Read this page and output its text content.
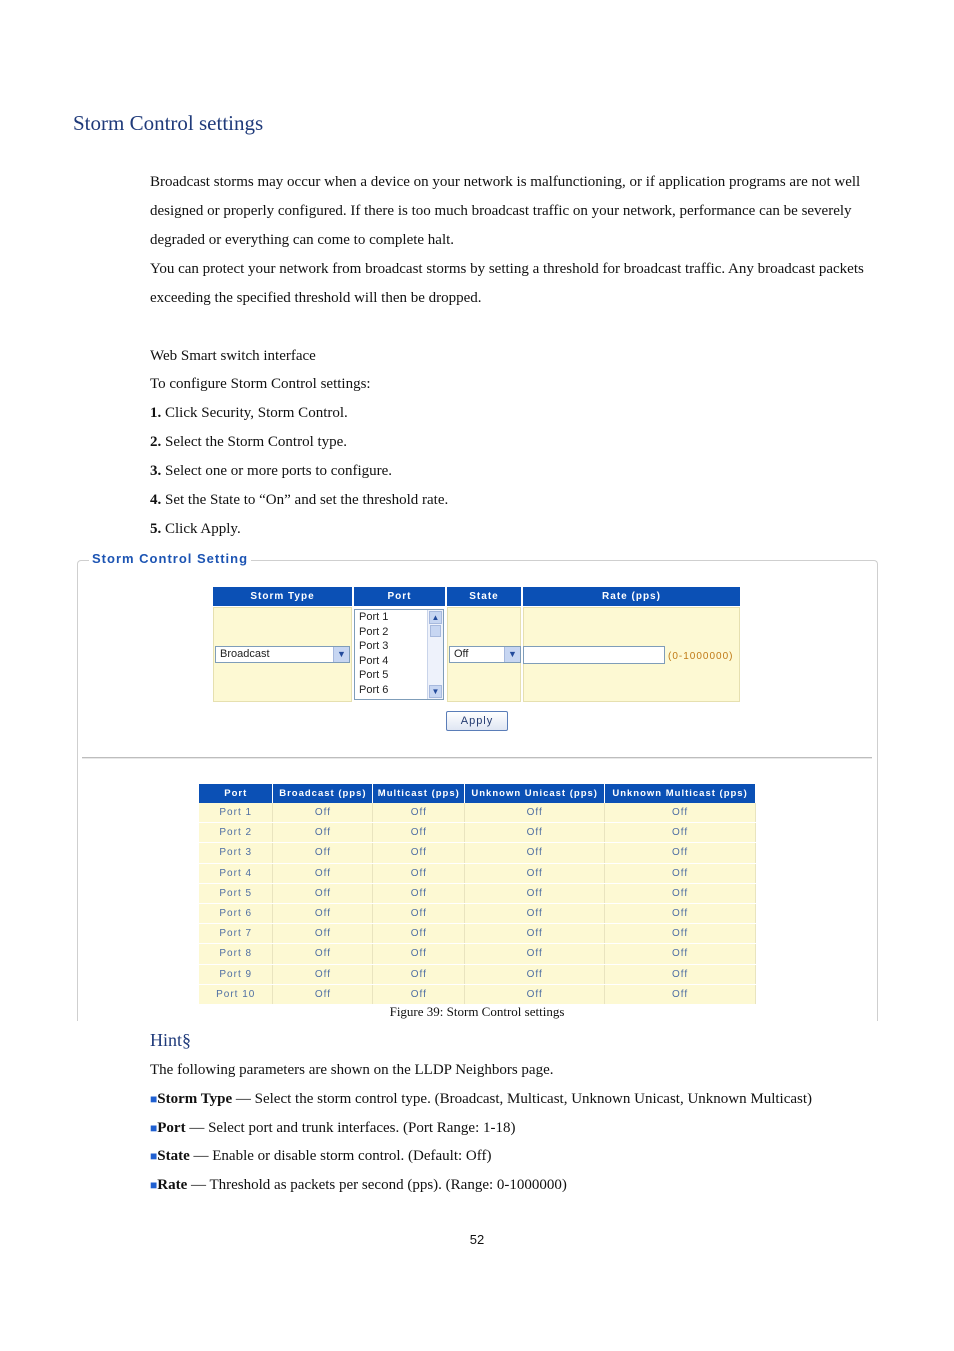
Storm Control settings
Broadcast storms may occur when a device on your network is malfunctioning, or if application programs are not well designed or properly configured. If there is too much broadcast traffic on your network, performance can be severely degraded or everything can come to complete halt.
You can protect your network from broadcast storms by setting a threshold for broadcast traffic. Any broadcast packets exceeding the specified threshold will then be dropped.
Web Smart switch interface
To configure Storm Control settings:
1. Click Security, Storm Control.
2. Select the Storm Control type.
3. Select one or more ports to configure.
4. Set the State to “On” and set the threshold rate.
5. Click Apply.
Storm Control Setting
Storm Type	Port	State	Rate (pps)
Broadcast	▼
Port 1
Port 2
Port 3
Port 4
Port 5
Port 6
▲
▼
Off	▼	(0-1000000)
Apply
Port	Broadcast (pps)	Multicast (pps)	Unknown Unicast (pps)	Unknown Multicast (pps)
Port 1	Off	Off	Off	Off
Port 2	Off	Off	Off	Off
Port 3	Off	Off	Off	Off
Port 4	Off	Off	Off	Off
Port 5	Off	Off	Off	Off
Port 6	Off	Off	Off	Off
Port 7	Off	Off	Off	Off
Port 8	Off	Off	Off	Off
Port 9	Off	Off	Off	Off
Port 10	Off	Off	Off	Off
Figure 39: Storm Control settings
Hint§
The following parameters are shown on the LLDP Neighbors page.
■Storm Type — Select the storm control type. (Broadcast, Multicast, Unknown Unicast, Unknown Multicast)
■Port — Select port and trunk interfaces. (Port Range: 1-18)
■State — Enable or disable storm control. (Default: Off)
■Rate — Threshold as packets per second (pps). (Range: 0-1000000)
52
